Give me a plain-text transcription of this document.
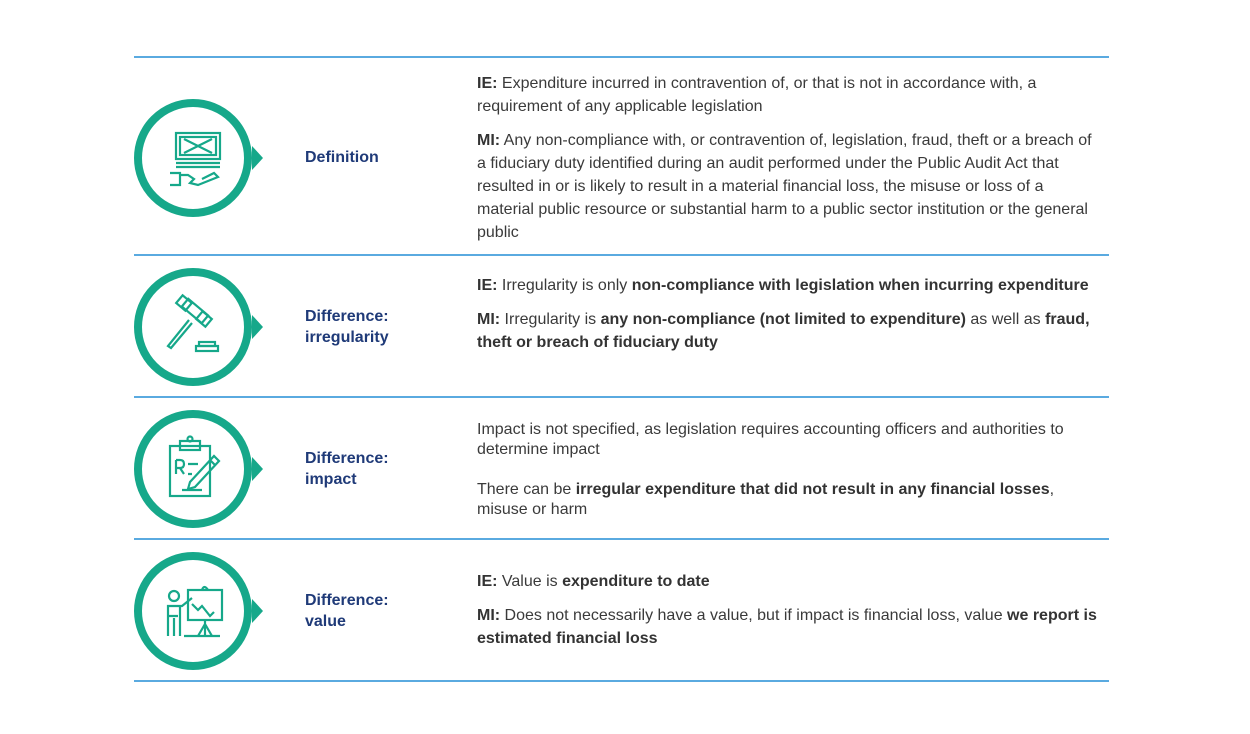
Definition

IE: Expenditure incurred in contravention of, or that is not in accordance with, a requirement of any applicable legislation

MI: Any non-compliance with, or contravention of, legislation, fraud, theft or a breach of a fiduciary duty identified during an audit performed under the Public Audit Act that resulted in or is likely to result in a material financial loss, the misuse or loss of a material public resource or substantial harm to a public sector institution or the general public

Difference:
irregularity

IE: Irregularity is only non-compliance with legislation when incurring expenditure

MI: Irregularity is any non-compliance (not limited to expenditure) as well as fraud, theft or breach of fiduciary duty

Difference:
impact

Impact is not specified, as legislation requires accounting officers and authorities to determine impact

There can be irregular expenditure that did not result in any financial losses, misuse or harm

Difference:
value

IE: Value is expenditure to date

MI: Does not necessarily have a value, but if impact is financial loss, value we report is estimated financial loss
